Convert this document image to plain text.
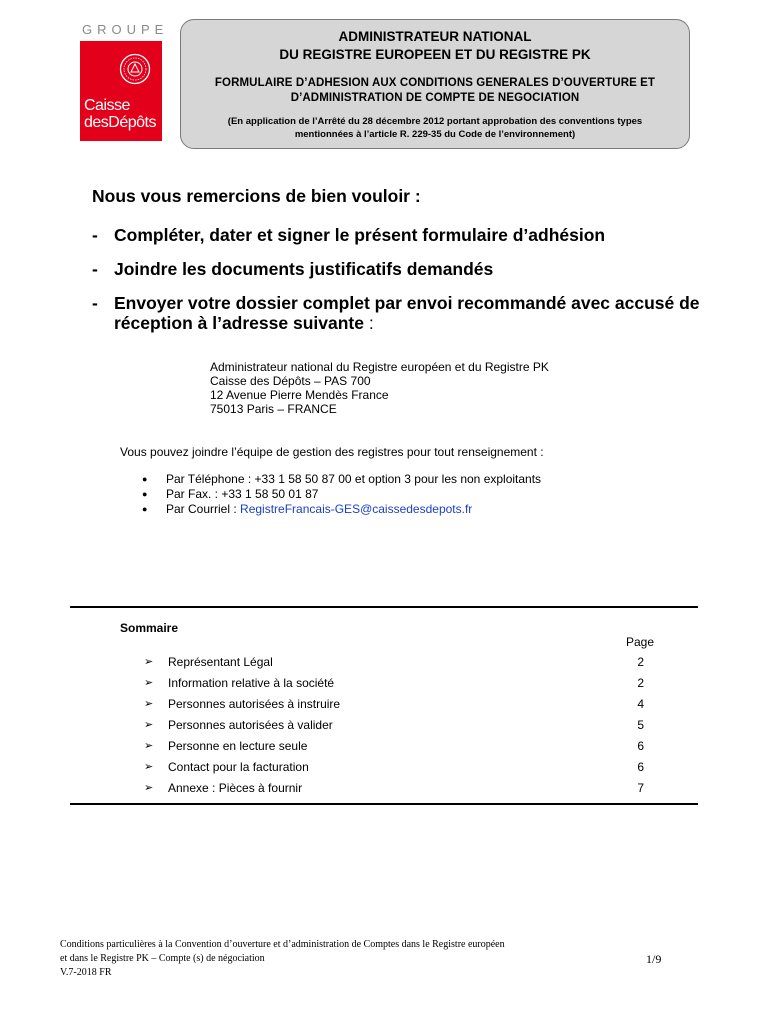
GROUPE
Caisse
desDépôts
ADMINISTRATEUR NATIONAL
DU REGISTRE EUROPEEN ET DU REGISTRE PK
FORMULAIRE D’ADHESION AUX CONDITIONS GENERALES D’OUVERTURE ET
D’ADMINISTRATION DE COMPTE DE NEGOCIATION
(En application de l’Arrêté du 28 décembre 2012 portant approbation des conventions types
mentionnées à l’article R. 229-35 du Code de l’environnement)
Nous vous remercions de bien vouloir :
- Compléter, dater et signer le présent formulaire d’adhésion
- Joindre les documents justificatifs demandés
- Envoyer votre dossier complet par envoi recommandé avec accusé de réception à l’adresse suivante :
Administrateur national du Registre européen et du Registre PK
Caisse des Dépôts – PAS 700
12 Avenue Pierre Mendès France
75013 Paris – FRANCE
Vous pouvez joindre l’équipe de gestion des registres pour tout renseignement :
● Par Téléphone : +33 1 58 50 87 00 et option 3 pour les non exploitants
● Par Fax. : +33 1 58 50 01 87
● Par Courriel : RegistreFrancais-GES@caissedesdepots.fr
Sommaire
Page
➢ Représentant Légal	2
➢ Information relative à la société	2
➢ Personnes autorisées à instruire	4
➢ Personnes autorisées à valider	5
➢ Personne en lecture seule	6
➢ Contact pour la facturation	6
➢ Annexe : Pièces à fournir	7
Conditions particulières à la Convention d’ouverture et d’administration de Comptes dans le Registre européen
et dans le Registre PK – Compte (s) de négociation
V.7-2018 FR
1/9
